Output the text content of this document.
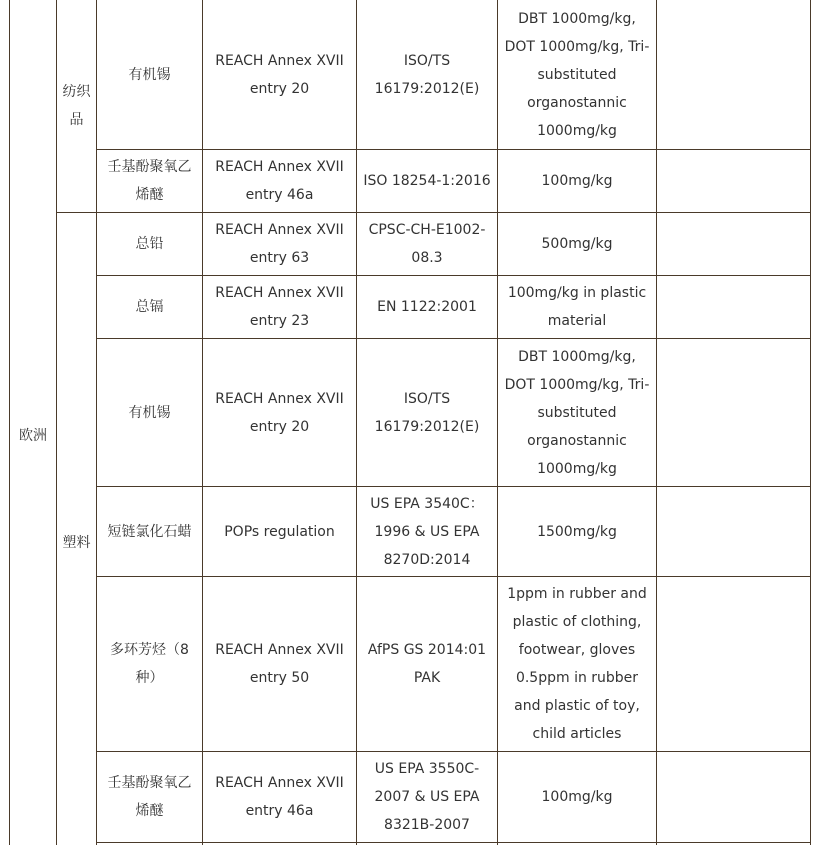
欧洲	纺织品	有机锡	REACH Annex XVII entry 20	ISO/TS 16179:2012(E)	DBT 1000mg/kg, DOT 1000mg/kg, Tri-substituted organostannic 1000mg/kg	

		壬基酚聚氧乙烯醚	REACH Annex XVII entry 46a	ISO 18254-1:2016	100mg/kg	

	塑料	总铅	REACH Annex XVII entry 63	CPSC-CH-E1002-08.3	500mg/kg	

		总镉	REACH Annex XVII entry 23	EN 1122:2001	100mg/kg in plastic material	

		有机锡	REACH Annex XVII entry 20	ISO/TS 16179:2012(E)	DBT 1000mg/kg, DOT 1000mg/kg, Tri-substituted organostannic 1000mg/kg	

		短链氯化石蜡	POPs regulation	US EPA 3540C：1996 & US EPA 8270D:2014	1500mg/kg	

		多环芳烃（8种）	REACH Annex XVII entry 50	AfPS GS 2014:01 PAK	1ppm in rubber and plastic of clothing, footwear, gloves 0.5ppm in rubber and plastic of toy, child articles	

		壬基酚聚氧乙烯醚	REACH Annex XVII entry 46a	US EPA 3550C-2007 & US EPA 8321B-2007	100mg/kg	
